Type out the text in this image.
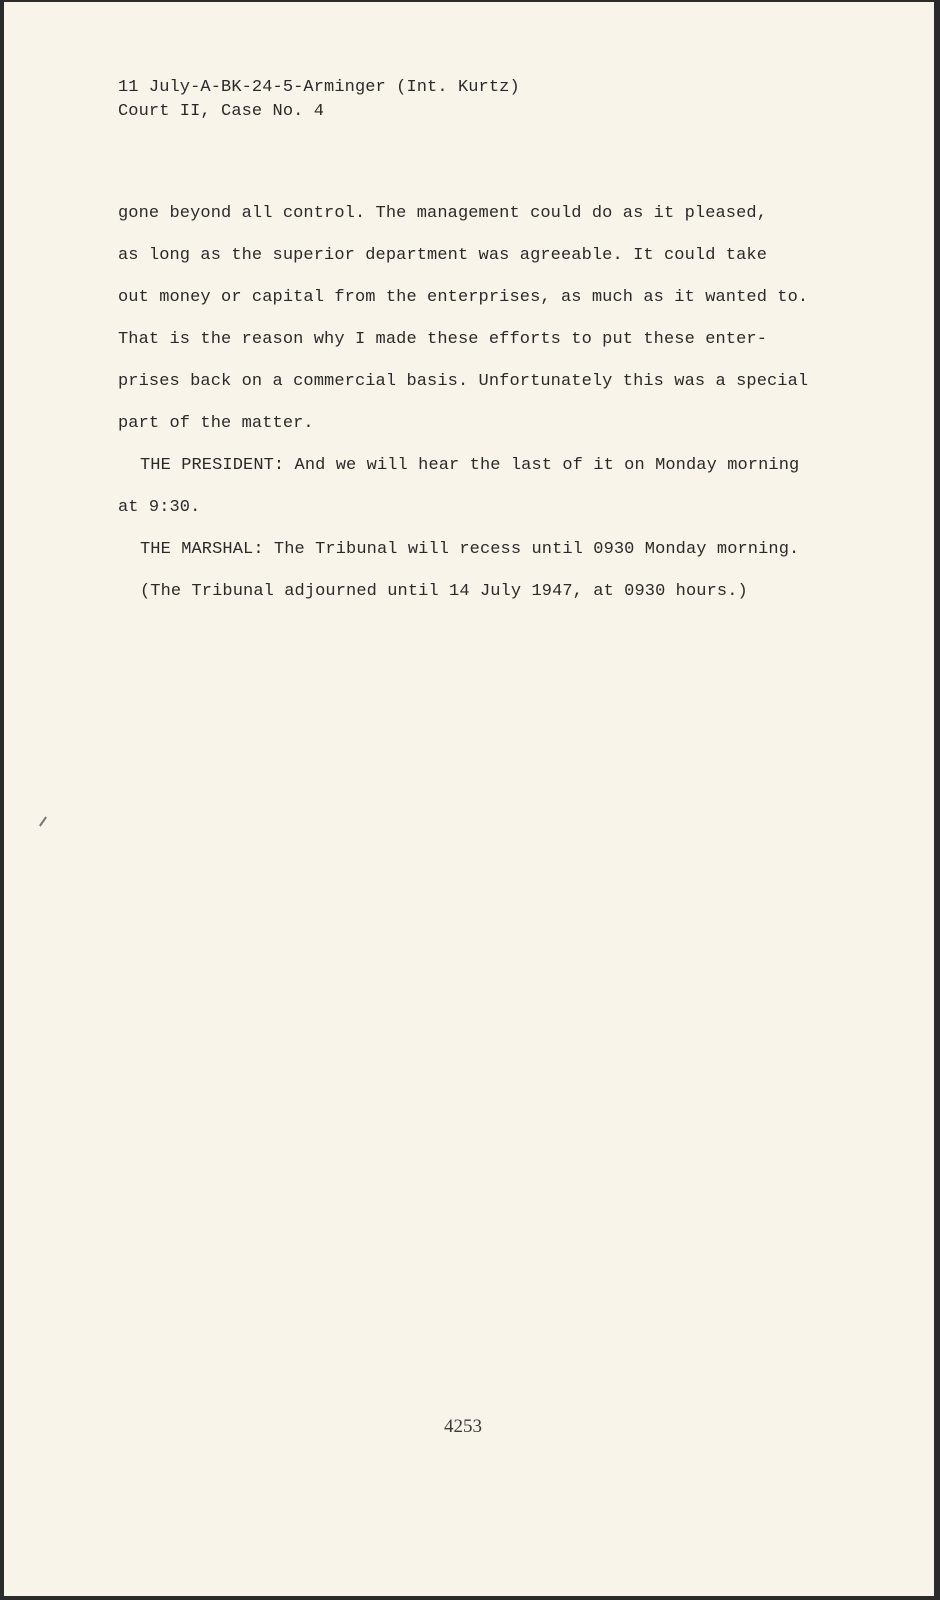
11 July-A-BK-24-5-Arminger (Int. Kurtz)
Court II, Case No. 4
gone beyond all control. The management could do as it pleased,
as long as the superior department was agreeable. It could take
out money or capital from the enterprises, as much as it wanted to.
That is the reason why I made these efforts to put these enter-
prises back on a commercial basis. Unfortunately this was a special
part of the matter.
THE PRESIDENT: And we will hear the last of it on Monday morning
at 9:30.
THE MARSHAL: The Tribunal will recess until 0930 Monday morning.
(The Tribunal adjourned until 14 July 1947, at 0930 hours.)
4253
